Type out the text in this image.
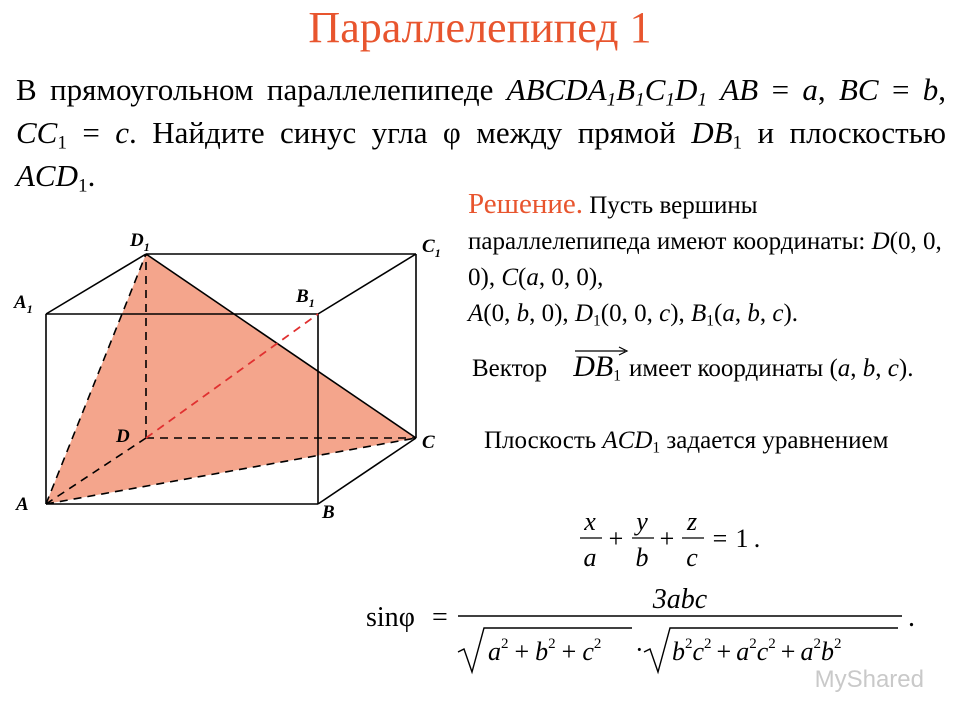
Параллелепипед 1
В прямоугольном параллелепипеде $ABCDA_1B_1C_1D_1$ AB = a, BC = b, $CC_1 = c$. Найдите синус угла φ между прямой $DB_1$ и плоскостью $ACD_1$.
Решение. Пусть вершины параллелепипеда имеют координаты: D(0, 0, 0), C(a, 0, 0),
A(0, b, 0), $D_1(0$, 0, c), $B_1(a$, b, c).
Вектор $DB_1$ имеет координаты (a, b, c).
Плоскость $ACD_1$ задается уравнением
A	B
C
D
$A_1$
$B_1$
$C_1$
$D_1$
x
a
y
b
z
c
+ + = 1 .
sinφ =
3abc
$a^2 + b^2 + c^2 \cdot b^2c^2 + a^2c^2 + a^2b^2$
.
MyShared
